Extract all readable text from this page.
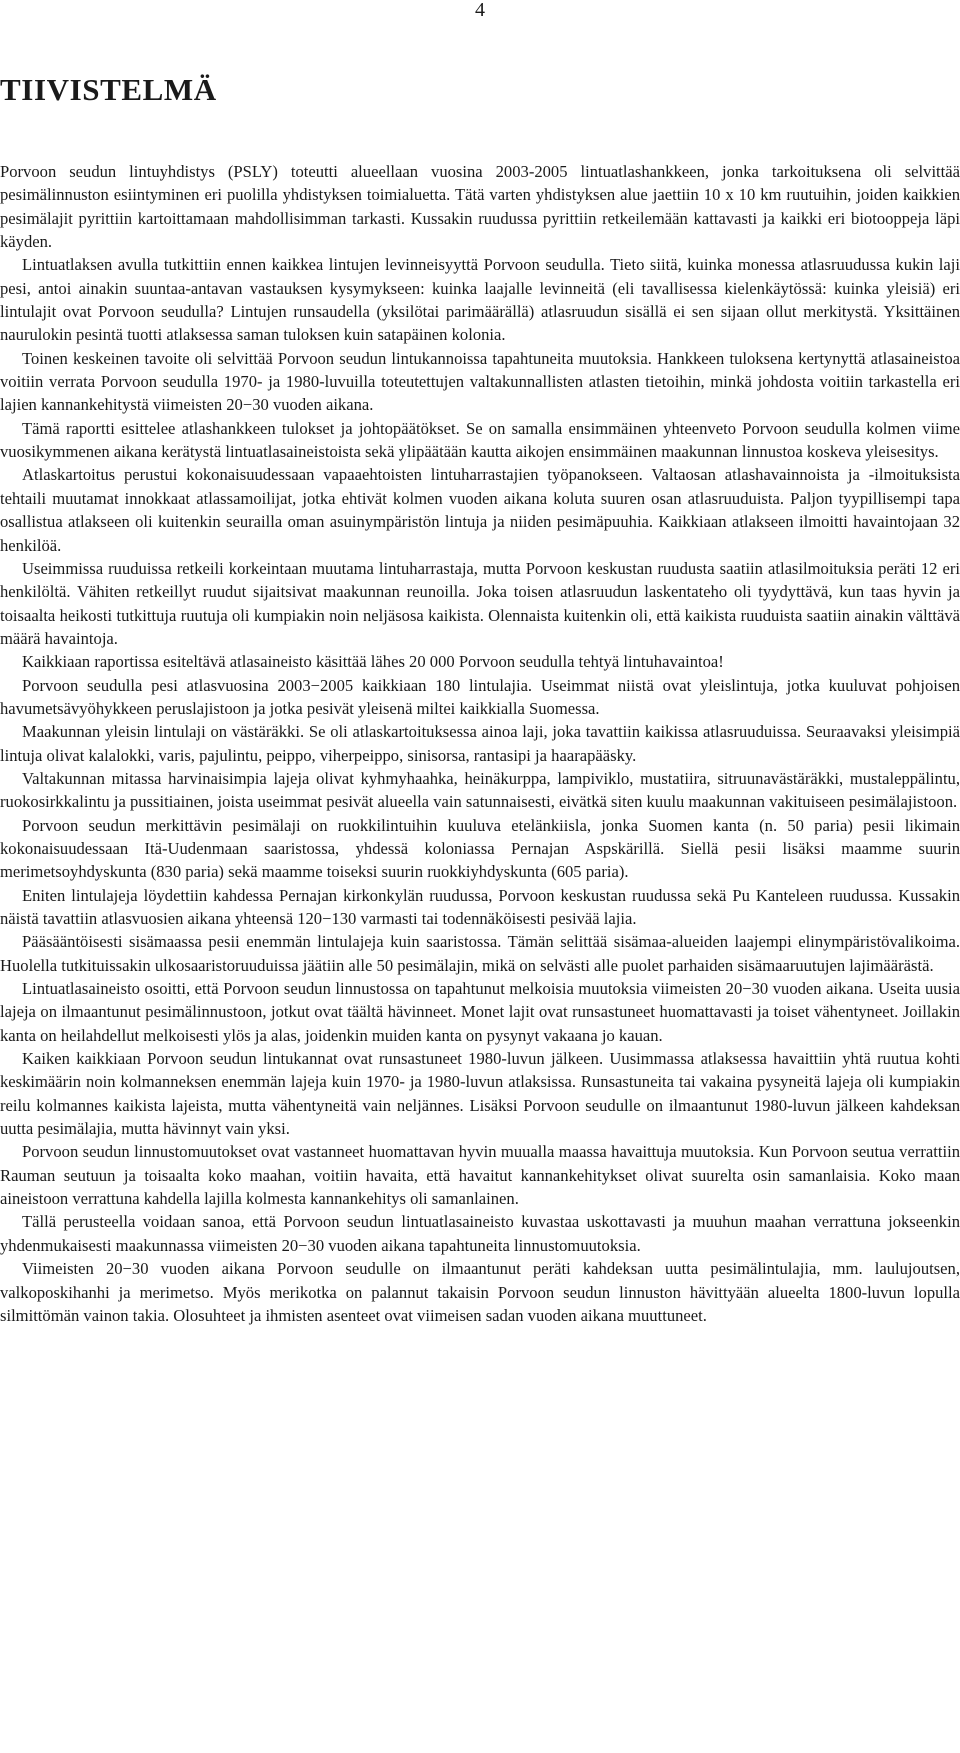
4
TIIVISTELMÄ

Porvoon seudun lintuyhdistys (PSLY) toteutti alueellaan vuosina 2003-2005 lintuatlashankkeen, jonka tarkoituksena oli selvittää pesimälinnuston esiintyminen eri puolilla yhdistyksen toimialuetta. Tätä varten yhdistyksen alue jaettiin 10 x 10 km ruutuihin, joiden kaikkien pesimälajit pyrittiin kartoittamaan mahdollisimman tarkasti. Kussakin ruudussa pyrittiin retkeilemään kattavasti ja kaikki eri biotooppeja läpi käyden.

Lintuatlaksen avulla tutkittiin ennen kaikkea lintujen levinneisyyttä Porvoon seudulla. Tieto siitä, kuinka monessa atlasruudussa kukin laji pesi, antoi ainakin suuntaa-antavan vastauksen kysymykseen: kuinka laajalle levinneitä (eli tavallisessa kielenkäytössä: kuinka yleisiä) eri lintulajit ovat Porvoon seudulla? Lintujen runsaudella (yksilötai parimäärällä) atlasruudun sisällä ei sen sijaan ollut merkitystä. Yksittäinen naurulokin pesintä tuotti atlaksessa saman tuloksen kuin satapäinen kolonia.

Toinen keskeinen tavoite oli selvittää Porvoon seudun lintukannoissa tapahtuneita muutoksia. Hankkeen tuloksena kertynyttä atlasaineistoa voitiin verrata Porvoon seudulla 1970- ja 1980-luvuilla toteutettujen valtakunnallisten atlasten tietoihin, minkä johdosta voitiin tarkastella eri lajien kannankehitystä viimeisten 20−30 vuoden aikana.

Tämä raportti esittelee atlashankkeen tulokset ja johtopäätökset. Se on samalla ensimmäinen yhteenveto Porvoon seudulla kolmen viime vuosikymmenen aikana kerätystä lintuatlasaineistoista sekä ylipäätään kautta aikojen ensimmäinen maakunnan linnustoa koskeva yleisesitys.

Atlaskartoitus perustui kokonaisuudessaan vapaaehtoisten lintuharrastajien työpanokseen. Valtaosan atlashavainnoista ja -ilmoituksista tehtaili muutamat innokkaat atlassamoilijat, jotka ehtivät kolmen vuoden aikana koluta suuren osan atlasruuduista. Paljon tyypillisempi tapa osallistua atlakseen oli kuitenkin seurailla oman asuinympäristön lintuja ja niiden pesimäpuuhia. Kaikkiaan atlakseen ilmoitti havaintojaan 32 henkilöä.

Useimmissa ruuduissa retkeili korkeintaan muutama lintuharrastaja, mutta Porvoon keskustan ruudusta saatiin atlasilmoituksia peräti 12 eri henkilöltä. Vähiten retkeillyt ruudut sijaitsivat maakunnan reunoilla. Joka toisen atlasruudun laskentateho oli tyydyttävä, kun taas hyvin ja toisaalta heikosti tutkittuja ruutuja oli kumpiakin noin neljäsosa kaikista. Olennaista kuitenkin oli, että kaikista ruuduista saatiin ainakin välttävä määrä havaintoja.

Kaikkiaan raportissa esiteltävä atlasaineisto käsittää lähes 20 000 Porvoon seudulla tehtyä lintuhavaintoa!

Porvoon seudulla pesi atlasvuosina 2003−2005 kaikkiaan 180 lintulajia. Useimmat niistä ovat yleislintuja, jotka kuuluvat pohjoisen havumetsävyöhykkeen peruslajistoon ja jotka pesivät yleisenä miltei kaikkialla Suomessa.

Maakunnan yleisin lintulaji on västäräkki. Se oli atlaskartoituksessa ainoa laji, joka tavattiin kaikissa atlasruuduissa. Seuraavaksi yleisimpiä lintuja olivat kalalokki, varis, pajulintu, peippo, viherpeippo, sinisorsa, rantasipi ja haarapääsky.

Valtakunnan mitassa harvinaisimpia lajeja olivat kyhmyhaahka, heinäkurppa, lampiviklo, mustatiira, sitruunavästäräkki, mustaleppälintu, ruokosirkkalintu ja pussitiainen, joista useimmat pesivät alueella vain satunnaisesti, eivätkä siten kuulu maakunnan vakituiseen pesimälajistoon.

Porvoon seudun merkittävin pesimälaji on ruokkilintuihin kuuluva etelänkiisla, jonka Suomen kanta (n. 50 paria) pesii likimain kokonaisuudessaan Itä-Uudenmaan saaristossa, yhdessä koloniassa Pernajan Aspskärillä. Siellä pesii lisäksi maamme suurin merimetsoyhdyskunta (830 paria) sekä maamme toiseksi suurin ruokkiyhdyskunta (605 paria).

Eniten lintulajeja löydettiin kahdessa Pernajan kirkonkylän ruudussa, Porvoon keskustan ruudussa sekä Pu Kanteleen ruudussa. Kussakin näistä tavattiin atlasvuosien aikana yhteensä 120−130 varmasti tai todennäköisesti pesivää lajia.

Pääsääntöisesti sisämaassa pesii enemmän lintulajeja kuin saaristossa. Tämän selittää sisämaa-alueiden laajempi elinympäristövalikoima. Huolella tutkituissakin ulkosaaristoruuduissa jäätiin alle 50 pesimälajin, mikä on selvästi alle puolet parhaiden sisämaaruutujen lajimäärästä.

Lintuatlasaineisto osoitti, että Porvoon seudun linnustossa on tapahtunut melkoisia muutoksia viimeisten 20−30 vuoden aikana. Useita uusia lajeja on ilmaantunut pesimälinnustoon, jotkut ovat täältä hävinneet. Monet lajit ovat runsastuneet huomattavasti ja toiset vähentyneet. Joillakin kanta on heilahdellut melkoisesti ylös ja alas, joidenkin muiden kanta on pysynyt vakaana jo kauan.

Kaiken kaikkiaan Porvoon seudun lintukannat ovat runsastuneet 1980-luvun jälkeen. Uusimmassa atlaksessa havaittiin yhtä ruutua kohti keskimäärin noin kolmanneksen enemmän lajeja kuin 1970- ja 1980-luvun atlaksissa. Runsastuneita tai vakaina pysyneitä lajeja oli kumpiakin reilu kolmannes kaikista lajeista, mutta vähentyneitä vain neljännes. Lisäksi Porvoon seudulle on ilmaantunut 1980-luvun jälkeen kahdeksan uutta pesimälajia, mutta hävinnyt vain yksi.

Porvoon seudun linnustomuutokset ovat vastanneet huomattavan hyvin muualla maassa havaittuja muutoksia. Kun Porvoon seutua verrattiin Rauman seutuun ja toisaalta koko maahan, voitiin havaita, että havaitut kannankehitykset olivat suurelta osin samanlaisia. Koko maan aineistoon verrattuna kahdella lajilla kolmesta kannankehitys oli samanlainen.

Tällä perusteella voidaan sanoa, että Porvoon seudun lintuatlasaineisto kuvastaa uskottavasti ja muuhun maahan verrattuna jokseenkin yhdenmukaisesti maakunnassa viimeisten 20−30 vuoden aikana tapahtuneita linnustomuutoksia.

Viimeisten 20−30 vuoden aikana Porvoon seudulle on ilmaantunut peräti kahdeksan uutta pesimälintulajia, mm. laulujoutsen, valkoposkihanhi ja merimetso. Myös merikotka on palannut takaisin Porvoon seudun linnuston hävittyään alueelta 1800-luvun lopulla silmittömän vainon takia. Olosuhteet ja ihmisten asenteet ovat viimeisen sadan vuoden aikana muuttuneet.
